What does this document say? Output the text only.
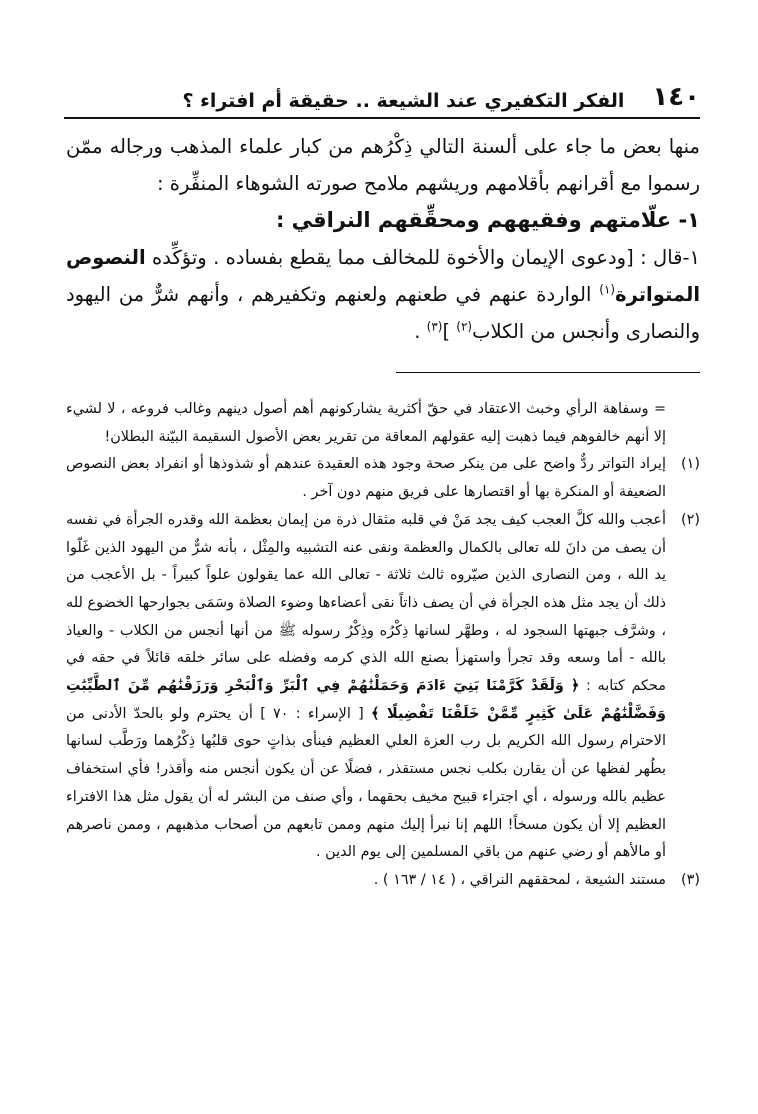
١٤٠
الفكر التكفيري عند الشيعة .. حقيقة أم افتراء ؟

منها بعض ما جاء على ألسنة التالي ذِكْرُهم من كبار علماء المذهب ورجاله ممّن رسموا مع أقرانهم بأقلامهم وريشهم ملامح صورته الشوهاء المنفِّرة :

١- علّامتهم وفقيههم ومحقِّقهم النراقي :

١-قال : [ودعوى الإيمان والأخوة للمخالف مما يقطع بفساده . وتؤكِّده النصوص المتواترة$^{(١)}$ الواردة عنهم في طعنهم ولعنهم وتكفيرهم ، وأنهم شرٌّ من اليهود والنصارى وأنجس من الكلاب$^{(٢)}$ ]$^{(٣)}$ .

= وسفاهة الرأي وخبث الاعتقاد في حقّ أكثرية يشاركونهم أهم أصول دينهم وغالب فروعه ، لا لشيء إلا أنهم خالفوهم فيما ذهبت إليه عقولهم المعاقة من تقرير بعض الأصول السقيمة البيّنة البطلان!

(١)
إيراد التواتر ردٌّ واضح على من ينكر صحة وجود هذه العقيدة عندهم أو شذوذها أو انفراد بعض النصوص الضعيفة أو المنكرة بها أو اقتصارها على فريق منهم دون آخر .
(٢)
أعجب والله كلَّ العجب كيف يجد مَنْ في قلبه مثقال ذرة من إيمان بعظمة الله وقدره الجرأة في نفسه أن يصف من دانَ لله تعالى بالكمال والعظمة ونفى عنه التشبيه والمِثْل ، بأنه شرٌّ من اليهود الذين غَلّوا يد الله ، ومن النصارى الذين صيّروه ثالث ثلاثة - تعالى الله عما يقولون علواً كبيراً - بل الأعجب من ذلك أن يجد مثل هذه الجرأة في أن يصف ذاتاً نقى أعضاءها وضوء الصلاة وسَمَى بجوارحها الخضوع لله ، وشرَّف جبهتها السجود له ، وطهَّر لسانها ذِكْرُه وذِكْرُ رسوله ﷺ من أنها أنجس من الكلاب - والعياذ بالله - أما وسعه وقد تجرأ واستهزأ بصنع الله الذي كرمه وفضله على سائر خلقه قائلاً في حقه في محكم كتابه : ﴿ وَلَقَدْ كَرَّمْنَا بَنِيٓ ءَادَمَ وَحَمَلْنَٰهُمْ فِي ٱلْبَرِّ وَٱلْبَحْرِ وَرَزَقْنَٰهُم مِّنَ ٱلطَّيِّبَٰتِ وَفَضَّلْنَٰهُمْ عَلَىٰ كَثِيرٍ مِّمَّنْ خَلَقْنَا تَفْضِيلًا ﴾ [ الإسراء : ٧٠ ] أن يحترم ولو بالحدّ الأدنى من الاحترام رسول الله الكريم بل رب العزة العلي العظيم فينأى بذاتٍ حوى قلبُها ذِكْرُهما ورَطَّب لسانها بطُهر لفظها عن أن يقارن بكلب نجس مستقذر ، فضلًا عن أن يكون أنجس منه وأقذر! فأي استخفاف عظيم بالله ورسوله ، أي اجتراء قبيح مخيف بحقهما ، وأي صنف من البشر له أن يقول مثل هذا الافتراء العظيم إلا أن يكون مسخاً! اللهم إنا نبرأ إليك منهم وممن تابعهم من أصحاب مذهبهم ، وممن ناصرهم أو مالأهم أو رضي عنهم من باقي المسلمين إلى يوم الدين .
(٣)
مستند الشيعة ، لمحققهم النراقي ، ( ١٤ / ١٦٣ ) .
